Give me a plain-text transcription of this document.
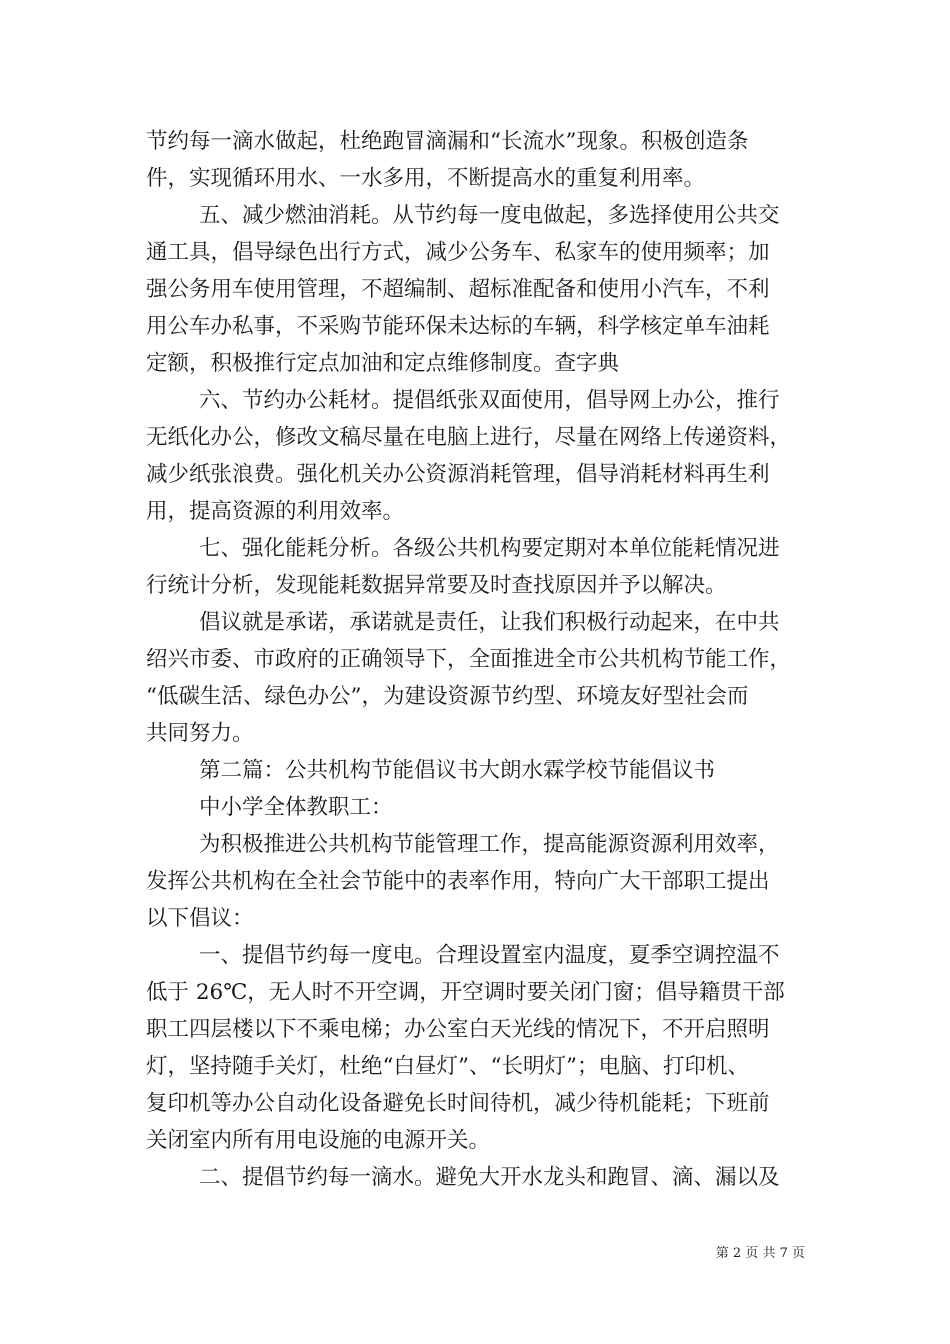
节约每一滴水做起，杜绝跑冒滴漏和“长流水”现象。积极创造条
件，实现循环用水、一水多用，不断提高水的重复利用率。
五、减少燃油消耗。从节约每一度电做起，多选择使用公共交
通工具，倡导绿色出行方式，减少公务车、私家车的使用频率；加
强公务用车使用管理，不超编制、超标准配备和使用小汽车，不利
用公车办私事，不采购节能环保未达标的车辆，科学核定单车油耗
定额，积极推行定点加油和定点维修制度。查字典
六、节约办公耗材。提倡纸张双面使用，倡导网上办公，推行
无纸化办公，修改文稿尽量在电脑上进行，尽量在网络上传递资料，
减少纸张浪费。强化机关办公资源消耗管理，倡导消耗材料再生利
用，提高资源的利用效率。
七、强化能耗分析。各级公共机构要定期对本单位能耗情况进
行统计分析，发现能耗数据异常要及时查找原因并予以解决。
倡议就是承诺，承诺就是责任，让我们积极行动起来，在中共
绍兴市委、市政府的正确领导下，全面推进全市公共机构节能工作，
“低碳生活、绿色办公”，为建设资源节约型、环境友好型社会而
共同努力。
第二篇：公共机构节能倡议书大朗水霖学校节能倡议书
中小学全体教职工：
为积极推进公共机构节能管理工作，提高能源资源利用效率，
发挥公共机构在全社会节能中的表率作用，特向广大干部职工提出
以下倡议：
一、提倡节约每一度电。合理设置室内温度，夏季空调控温不
低于 26℃，无人时不开空调，开空调时要关闭门窗；倡导籍贯干部
职工四层楼以下不乘电梯；办公室白天光线的情况下，不开启照明
灯，坚持随手关灯，杜绝“白昼灯”、“长明灯”；电脑、打印机、
复印机等办公自动化设备避免长时间待机，减少待机能耗；下班前
关闭室内所有用电设施的电源开关。
二、提倡节约每一滴水。避免大开水龙头和跑冒、滴、漏以及
第 2 页 共 7 页
